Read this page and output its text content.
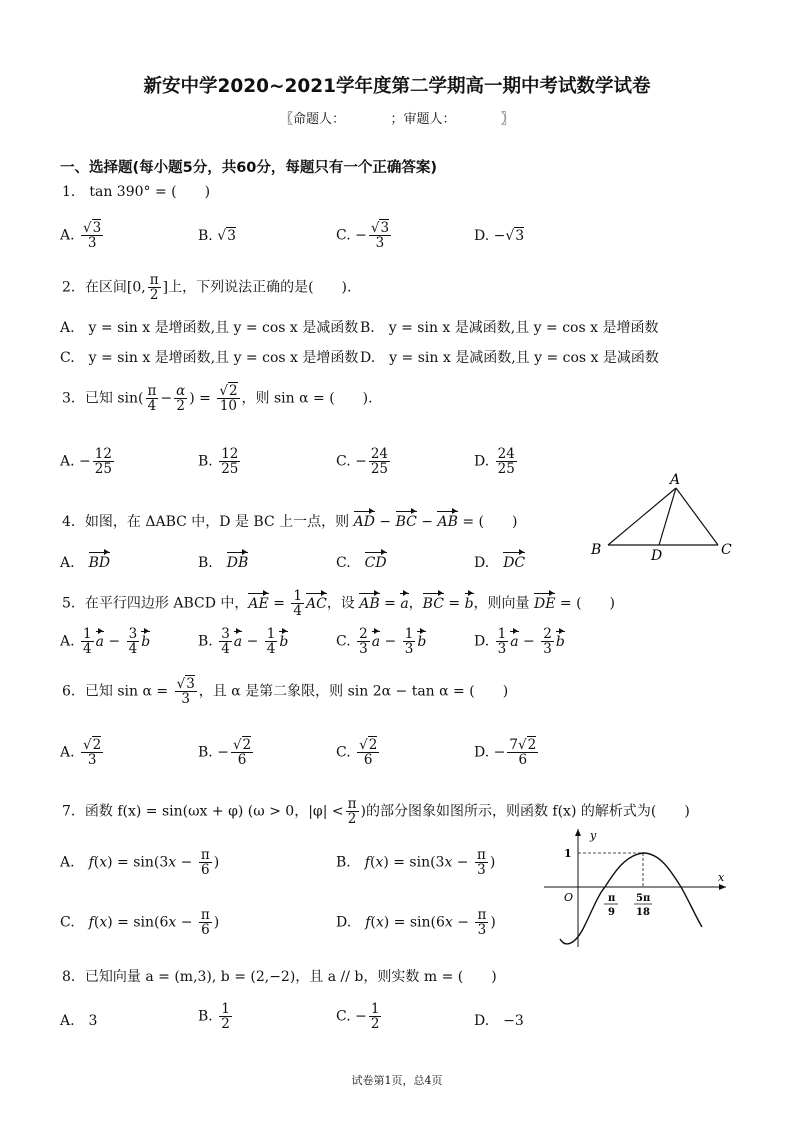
新安中学2020~2021学年度第二学期高一期中考试数学试卷
〖命题人：　　　　；审题人：　　　　〗
一、选择题(每小题5分，共60分，每题只有一个正确答案)
1． tan 390° = (　　)
A. $\frac{√3}{3}$	B. √3	C. − $\frac{√3}{3}$	D. −√3
2．在区间[0, $\frac{\pi}{2}$ ]上，下列说法正确的是(　　).
A.　y = sin x 是增函数,且 y = cos x 是减函数 B.　y = sin x 是减函数,且 y = cos x 是增函数
C.　y = sin x 是增函数,且 y = cos x 是增函数 D.　y = sin x 是减函数,且 y = cos x 是减函数
3．已知 $\sin( \frac{\pi}{4} - \frac{\alpha}{2}$ ) = $\frac{√2}{10}$ ，则 sin α = (　　).
A. − $\frac{12}{25}$	B. $\frac{12}{25}$	C. − $\frac{24}{25}$	D. $\frac{24}{25}$
4．如图，在 ΔABC 中，D 是 BC 上一点，则 AD − BC − AB = (　　)
A.　 BD	B.　 DB	C.　 CD	D.　 DC
A
B	C
D
5．在平行四边形 ABCD 中，AE = $\frac{1}{4}$ AC，设 AB = a，BC = b，则向量 DE = (　　)
A. $\frac{1}{4}$ $a - \frac{3}{4}$ b	B. $\frac{3}{4}$ $a - \frac{1}{4}$ b	C. $\frac{2}{3}$ $a - \frac{1}{3}$ b	D. $\frac{1}{3}$ $a - \frac{2}{3}$ b
6．已知 $\sin \alpha = \frac{√3}{3}$ ，且 α 是第二象限，则 sin 2α − tan α = (　　)
A. $\frac{√2}{3}$	B. − $\frac{√2}{6}$	C. $\frac{√2}{6}$	D. − $\frac{7√2}{6}$
7．函数 f(x) = sin(ωx + φ) (ω > 0，$|\varphi| < \frac{\pi}{2}$ )的部分图象如图所示，则函数 f(x) 的解析式为(　　)
A.　 $f(x) = \sin(3x - \frac{\pi}{6}$ )	B.　 $f(x) = \sin(3x - \frac{\pi}{3}$ )
C.　 $f(x) = \sin(6x - \frac{\pi}{6}$ )	D.　 $f(x) = \sin(6x - \frac{\pi}{3}$ )
y
x
O
1
π
9
5π
18
8．已知向量 a = (m,3), b = (2,−2)，且 a // b，则实数 m = (　　)
A.　3	B. $\frac{1}{2}$	C. − $\frac{1}{2}$	D.　−3
试卷第1页，总4页
